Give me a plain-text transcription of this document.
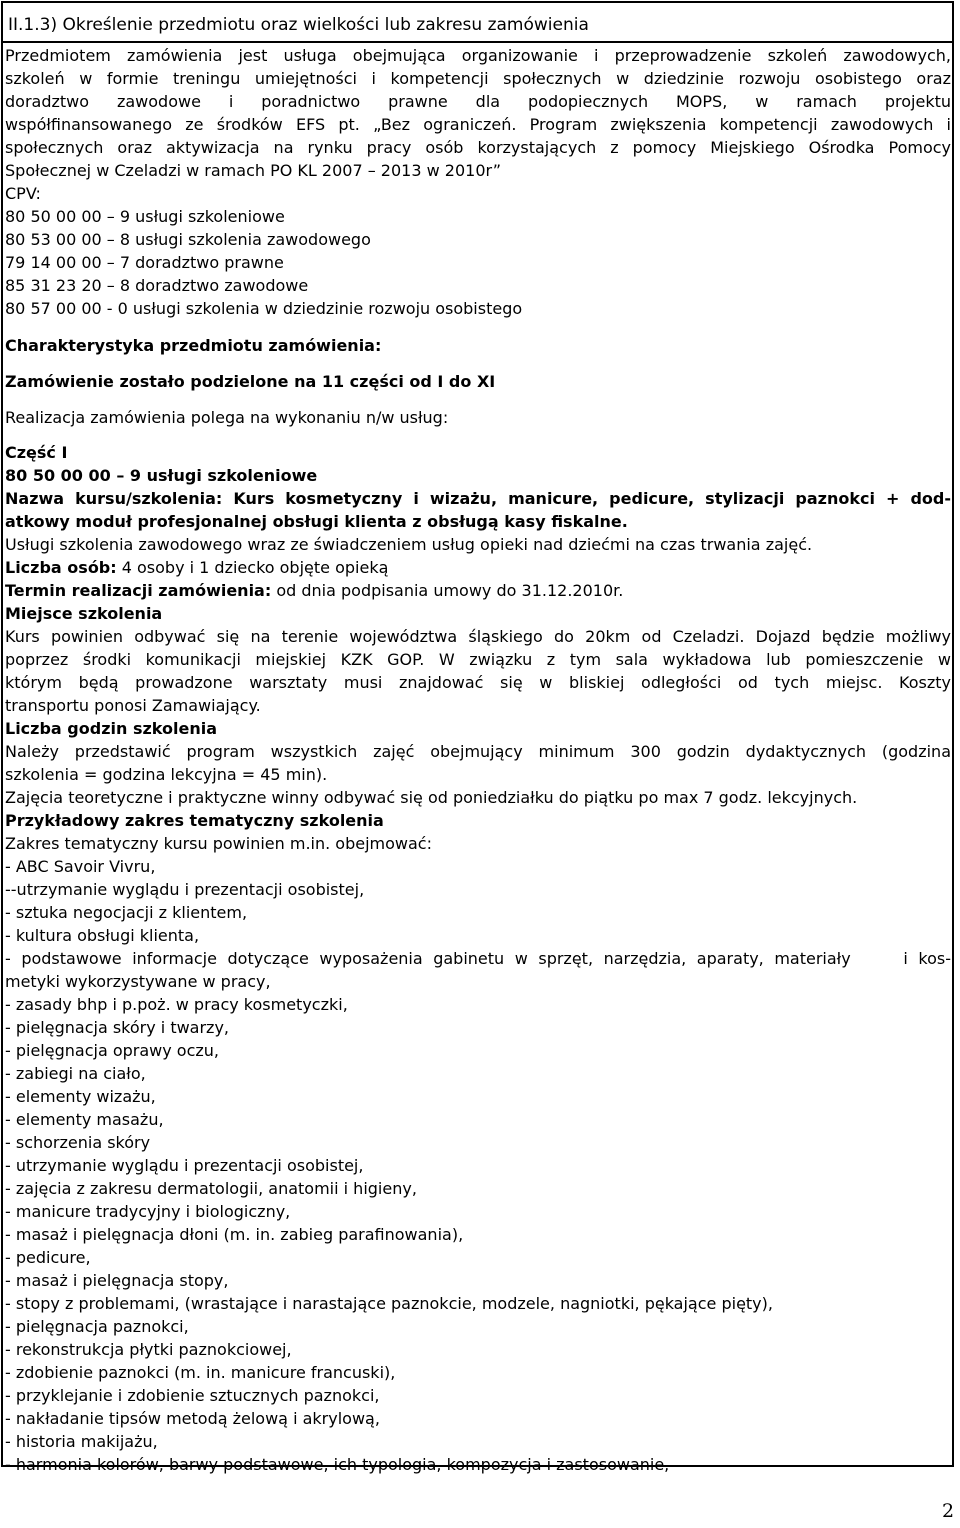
II.1.3) Określenie przedmiotu oraz wielkości lub zakresu zamówienia
Przedmiotem zamówienia jest usługa obejmująca organizowanie i przeprowadzenie szkoleń zawodowych,
szkoleń w formie treningu umiejętności i kompetencji społecznych w dziedzinie rozwoju osobistego oraz
doradztwo zawodowe i poradnictwo prawne dla podopiecznych MOPS, w ramach projektu
współfinansowanego ze środków EFS pt. „Bez ograniczeń. Program zwiększenia kompetencji zawodowych i
społecznych oraz aktywizacja na rynku pracy osób korzystających z pomocy Miejskiego Ośrodka Pomocy
Społecznej w Czeladzi w ramach PO KL 2007 – 2013 w 2010r”
CPV:
80 50 00 00 – 9 usługi szkoleniowe
80 53 00 00 – 8 usługi szkolenia zawodowego
79 14 00 00 – 7 doradztwo prawne
85 31 23 20 – 8 doradztwo zawodowe
80 57 00 00 - 0 usługi szkolenia w dziedzinie rozwoju osobistego
Charakterystyka przedmiotu zamówienia:
Zamówienie zostało podzielone na 11 części od I do XI
Realizacja zamówienia polega na wykonaniu n/w usług:
Część I
80 50 00 00 – 9 usługi szkoleniowe
Nazwa kursu/szkolenia: Kurs kosmetyczny i wizażu, manicure, pedicure, stylizacji paznokci + dod-
atkowy moduł profesjonalnej obsługi klienta z obsługą kasy fiskalne.
Usługi szkolenia zawodowego wraz ze świadczeniem usług opieki nad dziećmi na czas trwania zajęć.
Liczba osób: 4 osoby i 1 dziecko objęte opieką
Termin realizacji zamówienia: od dnia podpisania umowy do 31.12.2010r.
Miejsce szkolenia
Kurs powinien odbywać się na terenie województwa śląskiego do 20km od Czeladzi. Dojazd będzie możliwy
poprzez środki komunikacji miejskiej KZK GOP. W związku z tym sala wykładowa lub pomieszczenie w
którym będą prowadzone warsztaty musi znajdować się w bliskiej odległości od tych miejsc. Koszty
transportu ponosi Zamawiający.
Liczba godzin szkolenia
Należy przedstawić program wszystkich zajęć obejmujący minimum 300 godzin dydaktycznych (godzina
szkolenia = godzina lekcyjna = 45 min).
Zajęcia teoretyczne i praktyczne winny odbywać się od poniedziałku do piątku po max 7 godz. lekcyjnych.
Przykładowy zakres tematyczny szkolenia
Zakres tematyczny kursu powinien m.in. obejmować:
- ABC Savoir Vivru,
--utrzymanie wyglądu i prezentacji osobistej,
- sztuka negocjacji z klientem,
- kultura obsługi klienta,
- podstawowe informacje dotyczące wyposażenia gabinetu w sprzęt, narzędzia, aparaty, materiały     i kos-
metyki wykorzystywane w pracy,
- zasady bhp i p.poż. w pracy kosmetyczki,
- pielęgnacja skóry i twarzy,
- pielęgnacja oprawy oczu,
- zabiegi na ciało,
- elementy wizażu,
- elementy masażu,
- schorzenia skóry
- utrzymanie wyglądu i prezentacji osobistej,
- zajęcia z zakresu dermatologii, anatomii i higieny,
- manicure tradycyjny i biologiczny,
- masaż i pielęgnacja dłoni (m. in. zabieg parafinowania),
- pedicure,
- masaż i pielęgnacja stopy,
- stopy z problemami, (wrastające i narastające paznokcie, modzele, nagniotki, pękające pięty),
- pielęgnacja paznokci,
- rekonstrukcja płytki paznokciowej,
- zdobienie paznokci (m. in. manicure francuski),
- przyklejanie i zdobienie sztucznych paznokci,
- nakładanie tipsów metodą żelową i akrylową,
- historia makijażu,
- harmonia kolorów, barwy podstawowe, ich typologia, kompozycja i zastosowanie,
2
